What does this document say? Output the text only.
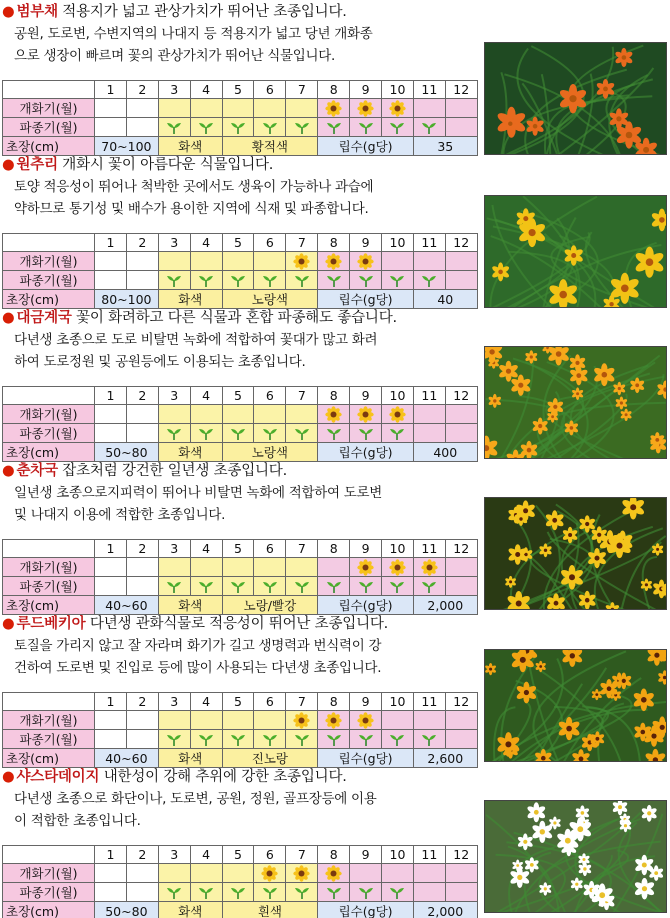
● 범부채 적용지가 넓고 관상가치가 뛰어난 초종입니다.
공원, 도로변, 수변지역의 나대지 등 적용지가 넓고 당년 개화종
으로 생장이 빠르며 꽃의 관상가치가 뛰어난 식물입니다.
	1	2	3	4	5	6	7	8	9	10	11	12
개화기(월)												
파종기(월)												
초장(cm)	70~100		화색		황적색			립수(g당)			35	
● 원추리 개화시 꽃이 아름다운 식물입니다.
토양 적응성이 뛰어나 척박한 곳에서도 생육이 가능하나 과습에
약하므로 통기성 및 배수가 용이한 지역에 식재 및 파종합니다.
	1	2	3	4	5	6	7	8	9	10	11	12
개화기(월)												
파종기(월)												
초장(cm)	80~100		화색		노랑색			립수(g당)			40	
● 대금계국 꽃이 화려하고 다른 식물과 혼합 파종해도 좋습니다.
다년생 초종으로 도로 비탈면 녹화에 적합하여 꽃대가 많고 화려
하여 도로정원 및 공원등에도 이용되는 초종입니다.
	1	2	3	4	5	6	7	8	9	10	11	12
개화기(월)												
파종기(월)												
초장(cm)	50~80		화색		노랑색			립수(g당)			400	
● 춘차국 잡초처럼 강건한 일년생 초종입니다.
일년생 초종으로지피력이 뛰어나 비탈면 녹화에 적합하여 도로변
및 나대지 이용에 적합한 초종입니다.
	1	2	3	4	5	6	7	8	9	10	11	12
개화기(월)												
파종기(월)												
초장(cm)	40~60		화색		노랑/빨강			립수(g당)			2,000	
● 루드베키아 다년생 관화식물로 적응성이 뛰어난 초종입니다.
토질을 가리지 않고 잘 자라며 화기가 길고 생명력과 번식력이 강
건하여 도로변 및 진입로 등에 많이 사용되는 다년생 초종입니다.
	1	2	3	4	5	6	7	8	9	10	11	12
개화기(월)												
파종기(월)												
초장(cm)	40~60		화색		진노랑			립수(g당)			2,600	
● 샤스타데이지 내한성이 강해 추위에 강한 초종입니다.
다년생 초종으로 화단이나, 도로변, 공원, 정원, 골프장등에 이용
이 적합한 초종입니다.
	1	2	3	4	5	6	7	8	9	10	11	12
개화기(월)												
파종기(월)												
초장(cm)	50~80		화색		흰색			립수(g당)			2,000	
